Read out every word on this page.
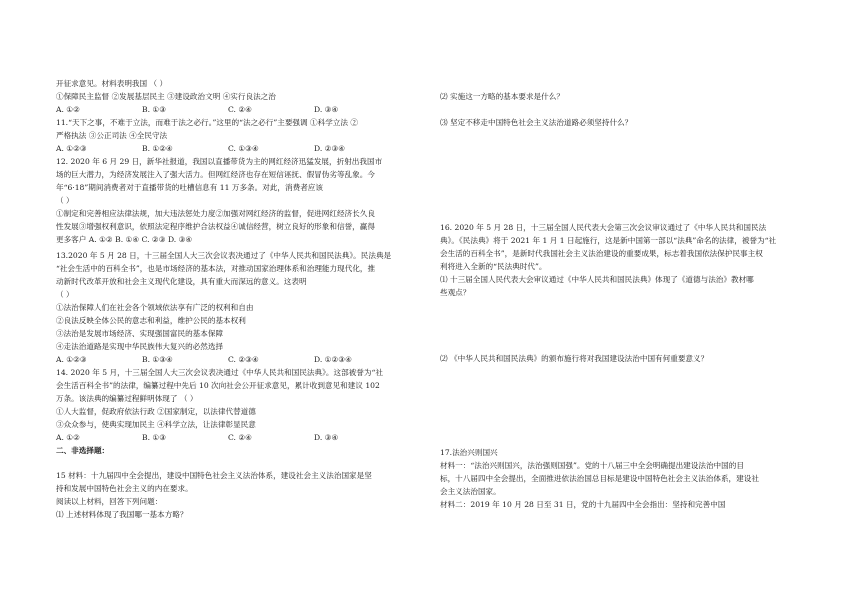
开征求意见。材料表明我国 （ ）
①保障民主监督 ②发展基层民主 ③建设政治文明 ④实行良法之治
A. ①②	B. ①③	C. ②④	D. ③④
11.“天下之事，不难于立法，而难于法之必行。”这里的“法之必行”主要强调 ①科学立法 ②
严格执法 ③公正司法 ④全民守法
A. ①②③	B. ①②④	C. ①③④	D. ②③④
12. 2020 年 6 月 29 日，新华社报道，我国以直播带货为主的网红经济迅猛发展，折射出我国市
场的巨大潜力，为经济发展注入了强大活力。但网红经济也存在短信诬抚、假冒伪劣等乱象。今
年“6·18”期间消费者对于直播带货的吐槽信息有 11 万多条。对此，消费者应该
（ ）
①制定和完善相应法律法规，加大违法惩处力度②加强对网红经济的监督，促进网红经济长久良
性发展③增强权利意识，依照法定程序维护合法权益④诚信经营，树立良好的形象和信誉，赢得
更多客户 A. ①② B. ①④ C. ②③ D. ③④
13.2020 年 5 月 28 日，十三届全国人大三次会议表决通过了《中华人民共和国民法典》。民法典是
“社会生活中的百科全书”，也是市场经济的基本法，对推动国家治理体系和治理能力现代化，推
动新时代改革开放和社会主义现代化建设，具有重大而深远的意义。这表明
（ ）
①法治保障人们在社会各个领域依法享有广泛的权利和自由
②良法反映全体公民的意志和利益，维护公民的基本权利
③法治是发展市场经济、实现强国富民的基本保障
④走法治道路是实现中华民族伟大复兴的必然选择
A. ①②③	B. ①③④	C. ②③④	D. ①②③④
14. 2020 年 5 月，十三届全国人大三次会议表决通过《中华人民共和国民法典》。这部被誉为“社
会生活百科全书”的法律，编纂过程中先后 10 次向社会公开征求意见，累计收到意见和建议 102
万条。该法典的编纂过程鲜明体现了 （ ）
①人大监督，促政府依法行政 ②国家制定，以法律代替道德
③众众参与，使典实现加民主 ④科学立法，让法律彰显民意
A. ①②	B. ①③	C. ②④	D. ③④
二、非选择题：
15 材料：十九届四中全会提出，建设中国特色社会主义法治体系，建设社会主义法治国家是坚
持和发展中国特色社会主义的内在要求。
阅读以上材料，回答下列问题：
⑴ 上述材料体现了我国哪一基本方略？
⑵ 实施这一方略的基本要求是什么？
⑶ 坚定不移走中国特色社会主义法治道路必须坚持什么？
16. 2020 年 5 月 28 日，十三届全国人民代表大会第三次会议审议通过了《中华人民共和国民法
典》。《民法典》将于 2021 年 1 月 1 日起施行，这是新中国第一部以“法典”命名的法律，被誉为“社
会生活的百科全书”，是新时代我国社会主义法治建设的重要成果，标志着我国依法保护民事主权
利将进入全新的“民法典时代”。
⑴ 十三届全国人民代表大会审议通过《中华人民共和国民法典》体现了《道德与法治》教材哪
些观点？
⑵ 《中华人民共和国民法典》的颁布施行将对我国建设法治中国有何重要意义？
17.法治兴则国兴
材料一：“法治兴则国兴，法治强则国强”。党的十八届三中全会明确提出建设法治中国的目
标，十八届四中全会提出，全面推进依法治国总目标是建设中国特色社会主义法治体系，建设社
会主义法治国家。
材料二：2019 年 10 月 28 日至 31 日，党的十九届四中全会指出：坚持和完善中国
